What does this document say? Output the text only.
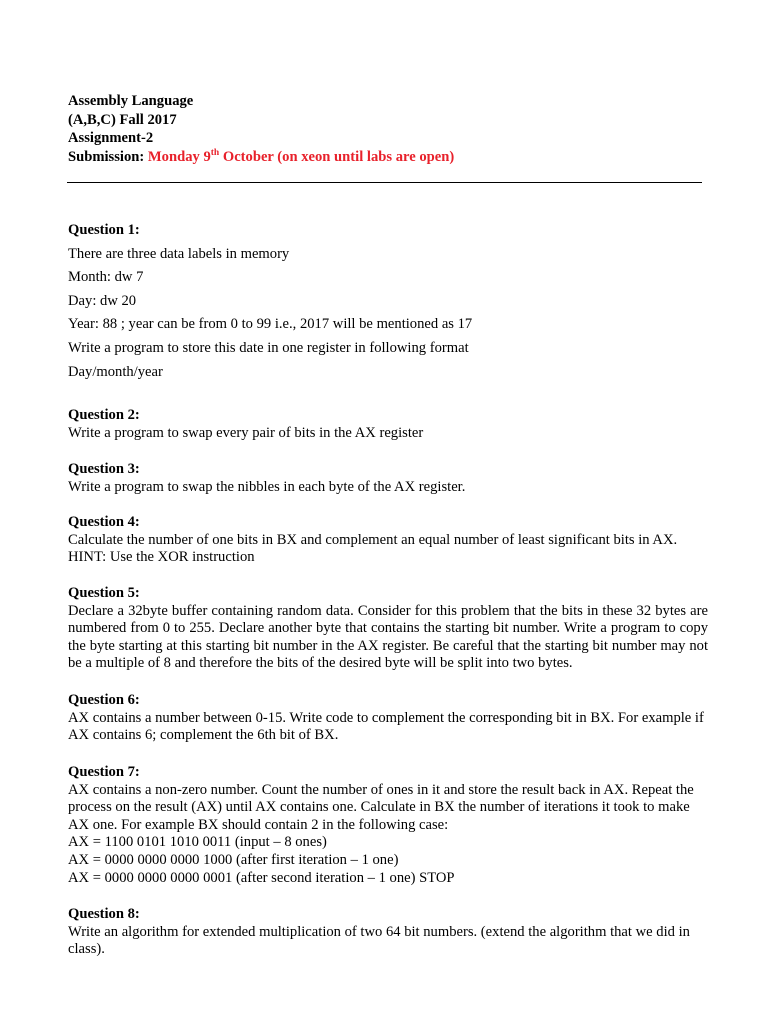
Assembly Language
(A,B,C) Fall 2017
Assignment-2
Submission: Monday 9th October (on xeon until labs are open)
Question 1:
There are three data labels in memory
Month: dw 7
Day: dw 20
Year: 88 ; year can be from 0 to 99 i.e., 2017 will be mentioned as 17
Write a program to store this date in one register in following format
Day/month/year
Question 2:
Write a program to swap every pair of bits in the AX register
Question 3:
Write a program to swap the nibbles in each byte of the AX register.
Question 4:
Calculate the number of one bits in BX and complement an equal number of least significant bits in AX.
HINT: Use the XOR instruction
Question 5:
Declare a 32byte buffer containing random data. Consider for this problem that the bits in these 32 bytes are numbered from 0 to 255. Declare another byte that contains the starting bit number. Write a program to copy the byte starting at this starting bit number in the AX register. Be careful that the starting bit number may not be a multiple of 8 and therefore the bits of the desired byte will be split into two bytes.
Question 6:
AX contains a number between 0-15. Write code to complement the corresponding bit in BX. For example if AX contains 6; complement the 6th bit of BX.
Question 7:
AX contains a non-zero number. Count the number of ones in it and store the result back in AX. Repeat the process on the result (AX) until AX contains one. Calculate in BX the number of iterations it took to make AX one. For example BX should contain 2 in the following case:
AX = 1100 0101 1010 0011 (input – 8 ones)
AX = 0000 0000 0000 1000 (after first iteration – 1 one)
AX = 0000 0000 0000 0001 (after second iteration – 1 one) STOP
Question 8:
Write an algorithm for extended multiplication of two 64 bit numbers. (extend the algorithm that we did in class).
